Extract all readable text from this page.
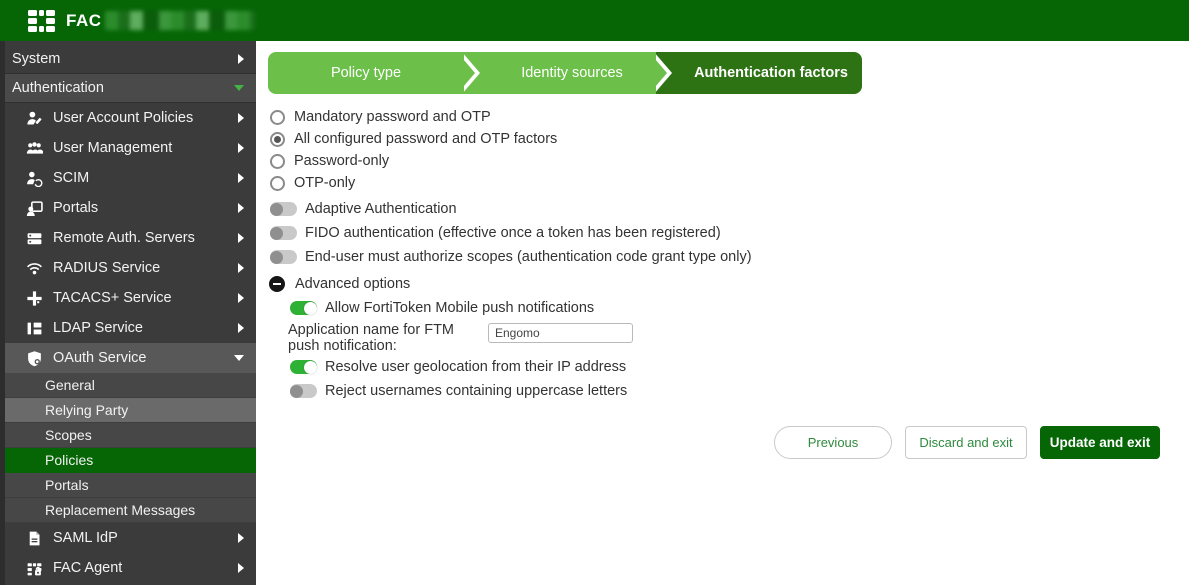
FAC
System
Authentication
User Account Policies
User Management
SCIM
Portals
Remote Auth. Servers
RADIUS Service
TACACS+ Service
LDAP Service
OAuth Service
General
Relying Party
Scopes
Policies
Portals
Replacement Messages
SAML IdP
FAC Agent
Policy type	Identity sources	Authentication factors
Mandatory password and OTP
All configured password and OTP factors
Password-only
OTP-only
Adaptive Authentication
FIDO authentication (effective once a token has been registered)
End-user must authorize scopes (authentication code grant type only)
Advanced options
Allow FortiToken Mobile push notifications
Application name for FTM push notification:
Engomo
Resolve user geolocation from their IP address
Reject usernames containing uppercase letters
Previous	Discard and exit	Update and exit
